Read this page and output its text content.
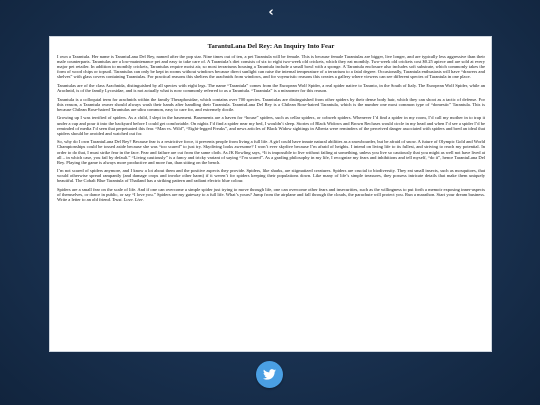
‹
TarantuLana Del Rey: An Inquiry Into Fear

I own a Tarantula. Her name is TarantuLana Del Rey, named after the pop star. Nine times out of ten, a pet Tarantula will be female. This is because female Tarantulas are bigger, live longer, and are typically less aggressive than their male counterparts. Tarantulas are a low-maintenance pet and easy to take care of. A Tarantula’s diet consists of six to eight two-week old crickets, which they eat monthly. Two-week old crickets cost $0.25 apiece and are sold at every major pet retailer. In addition to monthly crickets, Tarantulas require moist air, so most terrariums housing a Tarantula include a small bowl with a sponge. A Tarantula enclosure also includes soft substrate, which commonly takes the form of wood chips or topsoil. Tarantulas can only be kept in rooms without windows because direct sunlight can raise the internal temperature of a terrarium to a fatal degree. Occasionally, Tarantula enthusiasts will have “drawers and shelves” with glass covers containing Tarantulas. For practical reasons this shelters the arachnids from windows, and for voyeuristic reasons this creates a gallery where viewers can see different species of Tarantula in one place.

Tarantulas are of the class Arachnida, distinguished by all species with eight legs. The name “Tarantula” comes from the European Wolf Spider, a real spider native to Taranto, in the South of Italy. The European Wolf Spider, while an Arachnid, is of the family Lycosidae, and is not actually what is now commonly referred to as a Tarantula. “Tarantula” is a misnomer for this reason.

Tarantula is a colloquial term for arachnids within the family Theraphosidae, which contains over 700 species. Tarantulas are distinguished from other spiders by their dense body hair, which they can shoot as a tactic of defense. For this reason, a Tarantula owner should always wash their hands after handling their Tarantula. TarantuLana Del Rey is a Chilean Rose-haired Tarantula, which is the number one most common type of “domestic” Tarantula. This is because Chilean Rose-haired Tarantulas are ultra common, easy to care for, and extremely docile.

Growing up I was terrified of spiders. As a child, I slept in the basement. Basements are a haven for “house” spiders, such as cellar spiders, or cobweb spiders. Whenever I’d find a spider in my room, I’d call my mother in to trap it under a cup and pour it into the backyard before I could get comfortable. On nights I’d find a spider near my bed, I wouldn’t sleep. Stories of Black Widows and Brown Recluses would circle in my head and when I’d see a spider I’d be reminded of media I’d seen that perpetuated this fear. “Man vs. Wild”, “Eight-legged Freaks”, and news articles of Black Widow sightings in Alberta were reminders of the perceived danger associated with spiders and bred an ideal that spiders should be avoided and watched out for.

So, why do I own TarantuLana Del Rey? Because fear is a restrictive force, it prevents people from living a full life. A girl could have innate natural abilities as a snowboarder, but be afraid of snow. A future of Olympic Gold and World Championships could be tossed aside because she was “too scared” to just try. Skydiving looks awesome? I won’t ever skydive because I’m afraid of heights. I intend on living life to its fullest, and striving to reach my potential. In order to do that, I must strike fear in the face. Fear and failure are cut from the same cloth. As JK Rowling says, “It is impossible to live without failing at something, unless you live so cautiously that you might as well not have lived at all – in which case, you fail by default.” “Living cautiously” is a fancy and tricky variant of saying “I’m scared”. As a grading philosophy in my life, I recognize my fears and inhibitions and tell myself, “do it”, hence TarantuLana Del Rey. Playing the game is always more productive and more fun, than sitting on the bench.

I’m not scared of spiders anymore, and I know a lot about them and the positive aspects they provide. Spiders, like sharks, are stigmatized creatures. Spiders are crucial to biodiversity. They eat small insects, such as mosquitoes, that would otherwise spread rampantly (and damage crops and invoke other harm) if it weren’t for spiders keeping their populations down. Like many of life’s simple treasures, they possess intricate details that make them uniquely beautiful. The Cobalt Blue Tarantula of Thailand has a striking pattern and radiant electric blue colour.

Spiders are a small fear on the scale of life. And if one can overcome a simple spider just trying to move through life, one can overcome other fears and insecurities, such as the willingness to put forth a memoir exposing inner-aspects of themselves, or dance in public, or say “I love you.” Spiders are my gateway to a full life. What’s yours? Jump from the airplane and fall through the clouds, the parachute will protect you. Run a marathon. Start your dream business. Write a letter to an old friend. Trust. Love. Live.
